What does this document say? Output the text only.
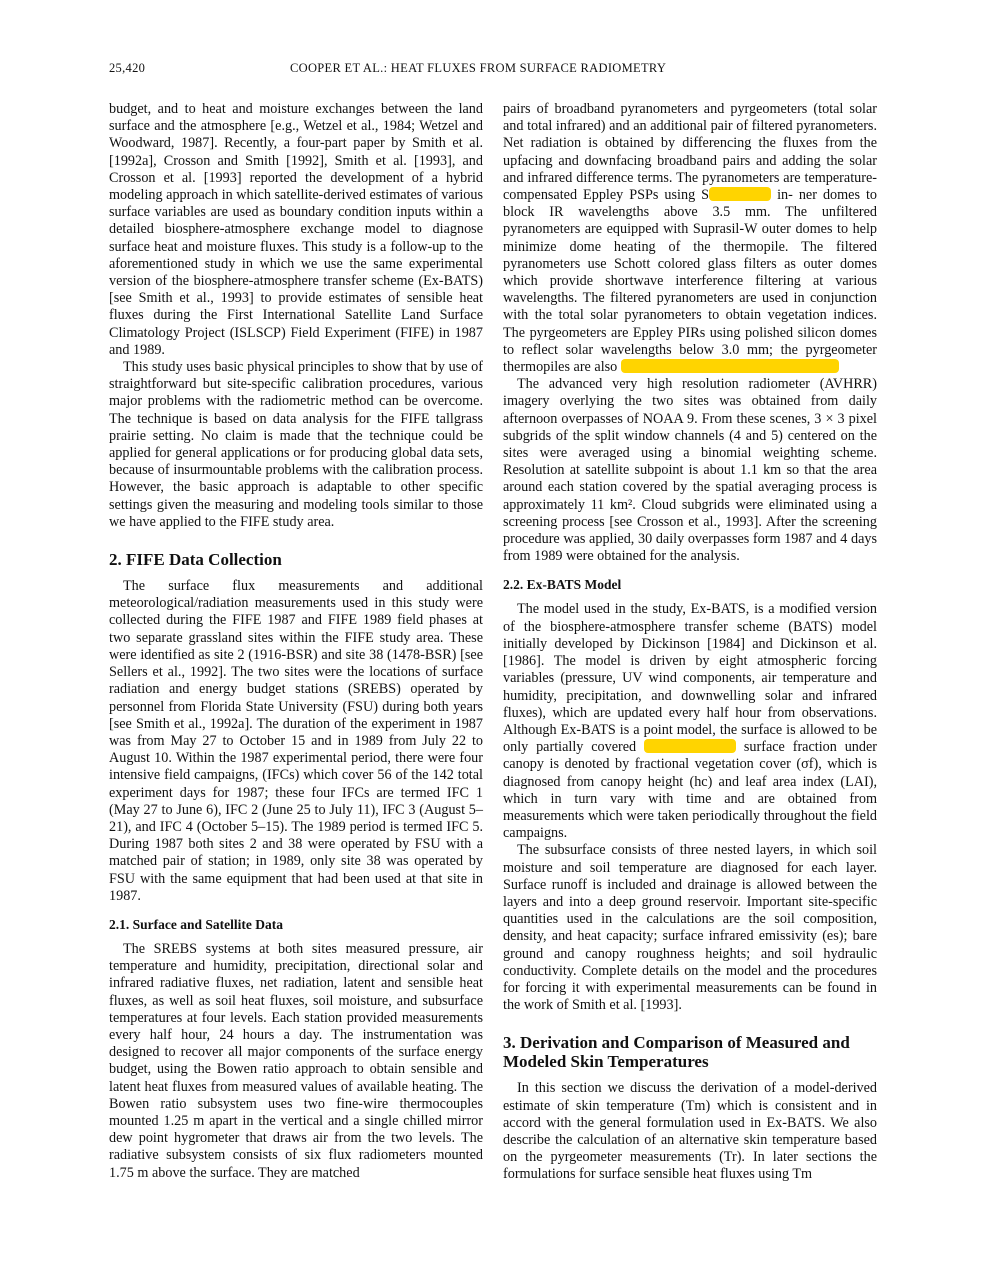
25,420	COOPER ET AL.: HEAT FLUXES FROM SURFACE RADIOMETRY

budget, and to heat and moisture exchanges between the land surface and the atmosphere [e.g., Wetzel et al., 1984; Wetzel and Woodward, 1987]. Recently, a four-part paper by Smith et al. [1992a], Crosson and Smith [1992], Smith et al. [1993], and Crosson et al. [1993] reported the development of a hybrid modeling approach in which satellite-derived estimates of various surface variables are used as boundary condition inputs within a detailed biosphere-atmosphere exchange model to diagnose surface heat and moisture fluxes. This study is a follow-up to the aforementioned study in which we use the same experimental version of the biosphere-atmosphere transfer scheme (Ex-BATS) [see Smith et al., 1993] to provide estimates of sensible heat fluxes during the First International Satellite Land Surface Climatology Project (ISLSCP) Field Experiment (FIFE) in 1987 and 1989.

This study uses basic physical principles to show that by use of straightforward but site-specific calibration procedures, various major problems with the radiometric method can be overcome. The technique is based on data analysis for the FIFE tallgrass prairie setting. No claim is made that the technique could be applied for general applications or for producing global data sets, because of insurmountable problems with the calibration process. However, the basic approach is adaptable to other specific settings given the measuring and modeling tools similar to those we have applied to the FIFE study area.

2. FIFE Data Collection

The surface flux measurements and additional meteorological/radiation measurements used in this study were collected during the FIFE 1987 and FIFE 1989 field phases at two separate grassland sites within the FIFE study area. These were identified as site 2 (1916-BSR) and site 38 (1478-BSR) [see Sellers et al., 1992]. The two sites were the locations of surface radiation and energy budget stations (SREBS) operated by personnel from Florida State University (FSU) during both years [see Smith et al., 1992a]. The duration of the experiment in 1987 was from May 27 to October 15 and in 1989 from July 22 to August 10. Within the 1987 experimental period, there were four intensive field campaigns, (IFCs) which cover 56 of the 142 total experiment days for 1987; these four IFCs are termed IFC 1 (May 27 to June 6), IFC 2 (June 25 to July 11), IFC 3 (August 5–21), and IFC 4 (October 5–15). The 1989 period is termed IFC 5. During 1987 both sites 2 and 38 were operated by FSU with a matched pair of station; in 1989, only site 38 was operated by FSU with the same equipment that had been used at that site in 1987.

2.1. Surface and Satellite Data

The SREBS systems at both sites measured pressure, air temperature and humidity, precipitation, directional solar and infrared radiative fluxes, net radiation, latent and sensible heat fluxes, as well as soil heat fluxes, soil moisture, and subsurface temperatures at four levels. Each station provided measurements every half hour, 24 hours a day. The instrumentation was designed to recover all major components of the surface energy budget, using the Bowen ratio approach to obtain sensible and latent heat fluxes from measured values of available heating. The Bowen ratio subsystem uses two fine-wire thermocouples mounted 1.25 m apart in the vertical and a single chilled mirror dew point hygrometer that draws air from the two levels. The radiative subsystem consists of six flux radiometers mounted 1.75 m above the surface. They are matched

pairs of broadband pyranometers and pyrgeometers (total solar and total infrared) and an additional pair of filtered pyranometers. Net radiation is obtained by differencing the fluxes from the upfacing and downfacing broadband pairs and adding the solar and infrared difference terms. The pyranometers are temperature-compensated Eppley PSPs using S	in- ner domes to block IR wavelengths above 3.5 mm. The unfiltered pyranometers are equipped with Suprasil-W outer domes to help minimize dome heating of the thermopile. The filtered pyranometers use Schott colored glass filters as outer domes which provide shortwave interference filtering at various wavelengths. The filtered pyranometers are used in conjunction with the total solar pyranometers to obtain vegetation indices. The pyrgeometers are Eppley PIRs using polished silicon domes to reflect solar wavelengths below 3.0 mm; the pyrgeometer thermopiles are also

The advanced very high resolution radiometer (AVHRR) imagery overlying the two sites was obtained from daily afternoon overpasses of NOAA 9. From these scenes, 3 × 3 pixel subgrids of the split window channels (4 and 5) centered on the sites were averaged using a binomial weighting scheme. Resolution at satellite subpoint is about 1.1 km so that the area around each station covered by the spatial averaging process is approximately 11 km². Cloud subgrids were eliminated using a screening process [see Crosson et al., 1993]. After the screening procedure was applied, 30 daily overpasses form 1987 and 4 days from 1989 were obtained for the analysis.

2.2. Ex-BATS Model

The model used in the study, Ex-BATS, is a modified version of the biosphere-atmosphere transfer scheme (BATS) model initially developed by Dickinson [1984] and Dickinson et al. [1986]. The model is driven by eight atmospheric forcing variables (pressure, UV wind components, air temperature and humidity, precipitation, and downwelling solar and infrared fluxes), which are updated every half hour from observations. Although Ex-BATS is a point model, the surface is allowed to be only partially covered	surface fraction under canopy is denoted by fractional vegetation cover (σf), which is diagnosed from canopy height (hc) and leaf area index (LAI), which in turn vary with time and are obtained from measurements which were taken periodically throughout the field campaigns.

The subsurface consists of three nested layers, in which soil moisture and soil temperature are diagnosed for each layer. Surface runoff is included and drainage is allowed between the layers and into a deep ground reservoir. Important site-specific quantities used in the calculations are the soil composition, density, and heat capacity; surface infrared emissivity (es); bare ground and canopy roughness heights; and soil hydraulic conductivity. Complete details on the model and the procedures for forcing it with experimental measurements can be found in the work of Smith et al. [1993].

3. Derivation and Comparison of Measured and Modeled Skin Temperatures

In this section we discuss the derivation of a model-derived estimate of skin temperature (Tm) which is consistent and in accord with the general formulation used in Ex-BATS. We also describe the calculation of an alternative skin temperature based on the pyrgeometer measurements (Tr). In later sections the formulations for surface sensible heat fluxes using Tm
